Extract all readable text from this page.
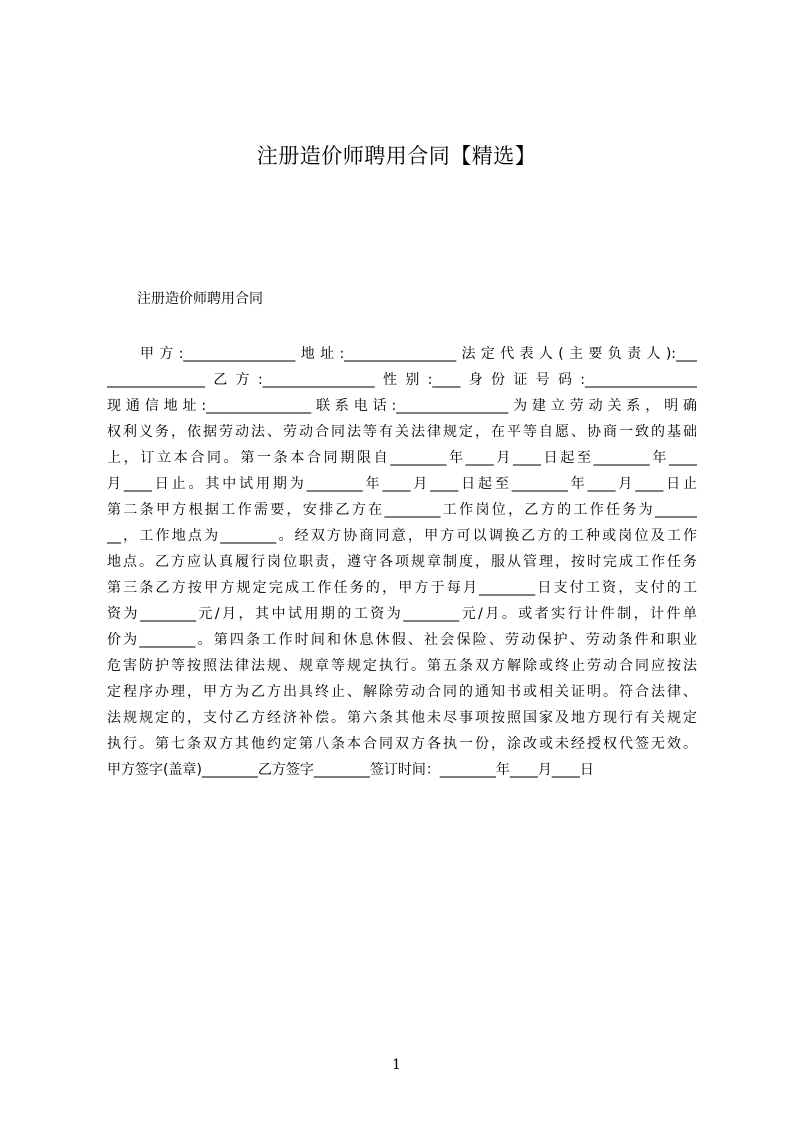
注册造价师聘用合同【精选】
注册造价师聘用合同
甲方:________________地址:________________法定代表人(主要负责人):___
______________乙方:________________性别:____身份证号码:________________
现通信地址:_______________联系电话:________________为建立劳动关系，明确
权利义务，依据劳动法、劳动合同法等有关法律规定，在平等自愿、协商一致的基础
上，订立本合同。第一条本合同期限自________年____月____日起至________年____
月____日止。其中试用期为________年____月____日起至________年____月____日止
第二条甲方根据工作需要，安排乙方在________工作岗位，乙方的工作任务为______
__，工作地点为________。经双方协商同意，甲方可以调换乙方的工种或岗位及工作
地点。乙方应认真履行岗位职责，遵守各项规章制度，服从管理，按时完成工作任务
第三条乙方按甲方规定完成工作任务的，甲方于每月________日支付工资，支付的工
资为________元/月，其中试用期的工资为________元/月。或者实行计件制，计件单
价为________。第四条工作时间和休息休假、社会保险、劳动保护、劳动条件和职业
危害防护等按照法律法规、规章等规定执行。第五条双方解除或终止劳动合同应按法
定程序办理，甲方为乙方出具终止、解除劳动合同的通知书或相关证明。符合法律、
法规规定的，支付乙方经济补偿。第六条其他未尽事项按照国家及地方现行有关规定
执行。第七条双方其他约定第八条本合同双方各执一份，涂改或未经授权代签无效。
甲方签字(盖章)________乙方签字________签订时间：________年____月____日
1
